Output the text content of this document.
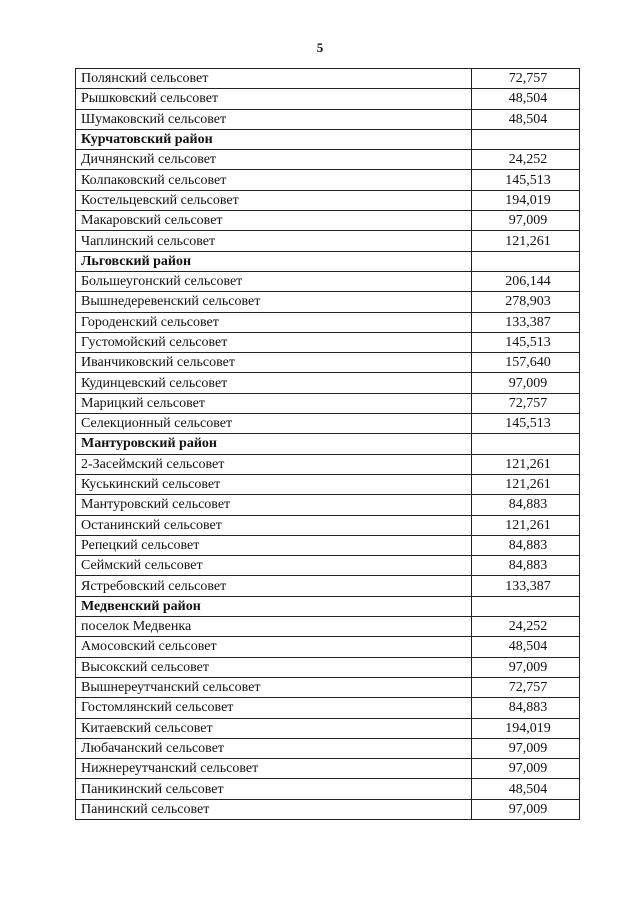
5
Полянский сельсовет	72,757
Рышковский сельсовет	48,504
Шумаковский сельсовет	48,504
Курчатовский район	
Дичнянский сельсовет	24,252
Колпаковский сельсовет	145,513
Костельцевский сельсовет	194,019
Макаровский сельсовет	97,009
Чаплинский сельсовет	121,261
Льговский район	
Большеугонский сельсовет	206,144
Вышнедеревенский сельсовет	278,903
Городенский сельсовет	133,387
Густомойский сельсовет	145,513
Иванчиковский сельсовет	157,640
Кудинцевский сельсовет	97,009
Марицкий сельсовет	72,757
Селекционный сельсовет	145,513
Мантуровский район	
2-Засеймский сельсовет	121,261
Куськинский сельсовет	121,261
Мантуровский сельсовет	84,883
Останинский сельсовет	121,261
Репецкий сельсовет	84,883
Сеймский сельсовет	84,883
Ястребовский сельсовет	133,387
Медвенский район	
поселок Медвенка	24,252
Амосовский сельсовет	48,504
Высокский сельсовет	97,009
Вышнереутчанский сельсовет	72,757
Гостомлянский сельсовет	84,883
Китаевский сельсовет	194,019
Любачанский сельсовет	97,009
Нижнереутчанский сельсовет	97,009
Паникинский сельсовет	48,504
Панинский сельсовет	97,009
